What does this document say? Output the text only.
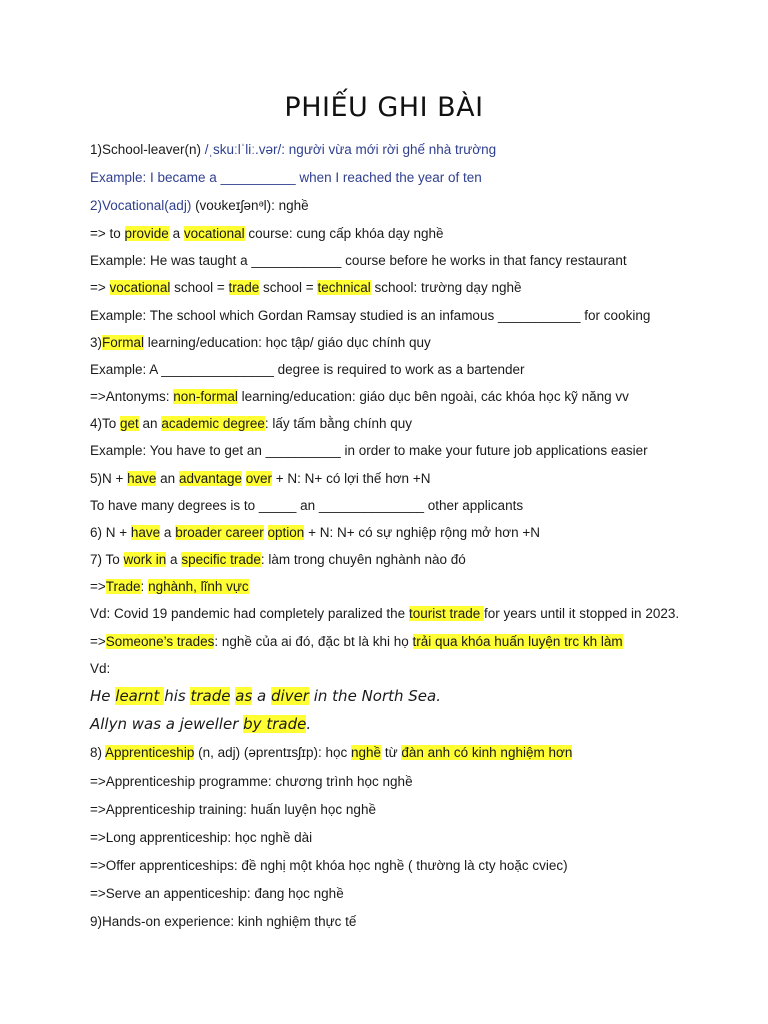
PHIẾU GHI BÀI
1)School-leaver(n) /ˌskuːlˈliː.vər/: người vừa mới rời ghế nhà trường
Example: I became a __________ when I reached the year of ten
2)Vocational(adj) (voʊkeɪʃənᵊl): nghề
=> to provide a vocational course: cung cấp khóa dạy nghề
Example: He was taught a ____________ course before he works in that fancy restaurant
=> vocational school = trade school = technical school: trường dạy nghề
Example: The school which Gordan Ramsay studied is an infamous ___________ for cooking
3)Formal learning/education: học tập/ giáo dục chính quy
Example: A _______________ degree is required to work as a bartender
=>Antonyms: non-formal learning/education: giáo dục bên ngoài, các khóa học kỹ năng vv
4)To get an academic degree: lấy tấm bằng chính quy
Example: You have to get an __________ in order to make your future job applications easier
5)N + have an advantage over + N: N+ có lợi thế hơn +N
To have many degrees is to _____ an ______________ other applicants
6) N + have a broader career option + N: N+ có sự nghiệp rộng mở hơn +N
7) To work in a specific trade: làm trong chuyên nghành nào đó
=>Trade: nghành, lĩnh vực
Vd: Covid 19 pandemic had completely paralized the tourist trade for years until it stopped in 2023.
=>Someone’s trades: nghề của ai đó, đặc bt là khi họ trải qua khóa huấn luyện trc kh làm
Vd:
He learnt his trade as a diver in the North Sea.
Allyn was a jeweller by trade.
8) Apprenticeship (n, adj) (əprentɪsʃɪp): học nghề từ đàn anh có kinh nghiệm hơn
=>Apprenticeship programme: chương trình học nghề
=>Apprenticeship training: huấn luyện học nghề
=>Long apprenticeship: học nghề dài
=>Offer apprenticeships: đề nghị một khóa học nghề ( thường là cty hoặc cviec)
=>Serve an appenticeship: đang học nghề
9)Hands-on experience: kinh nghiệm thực tế
